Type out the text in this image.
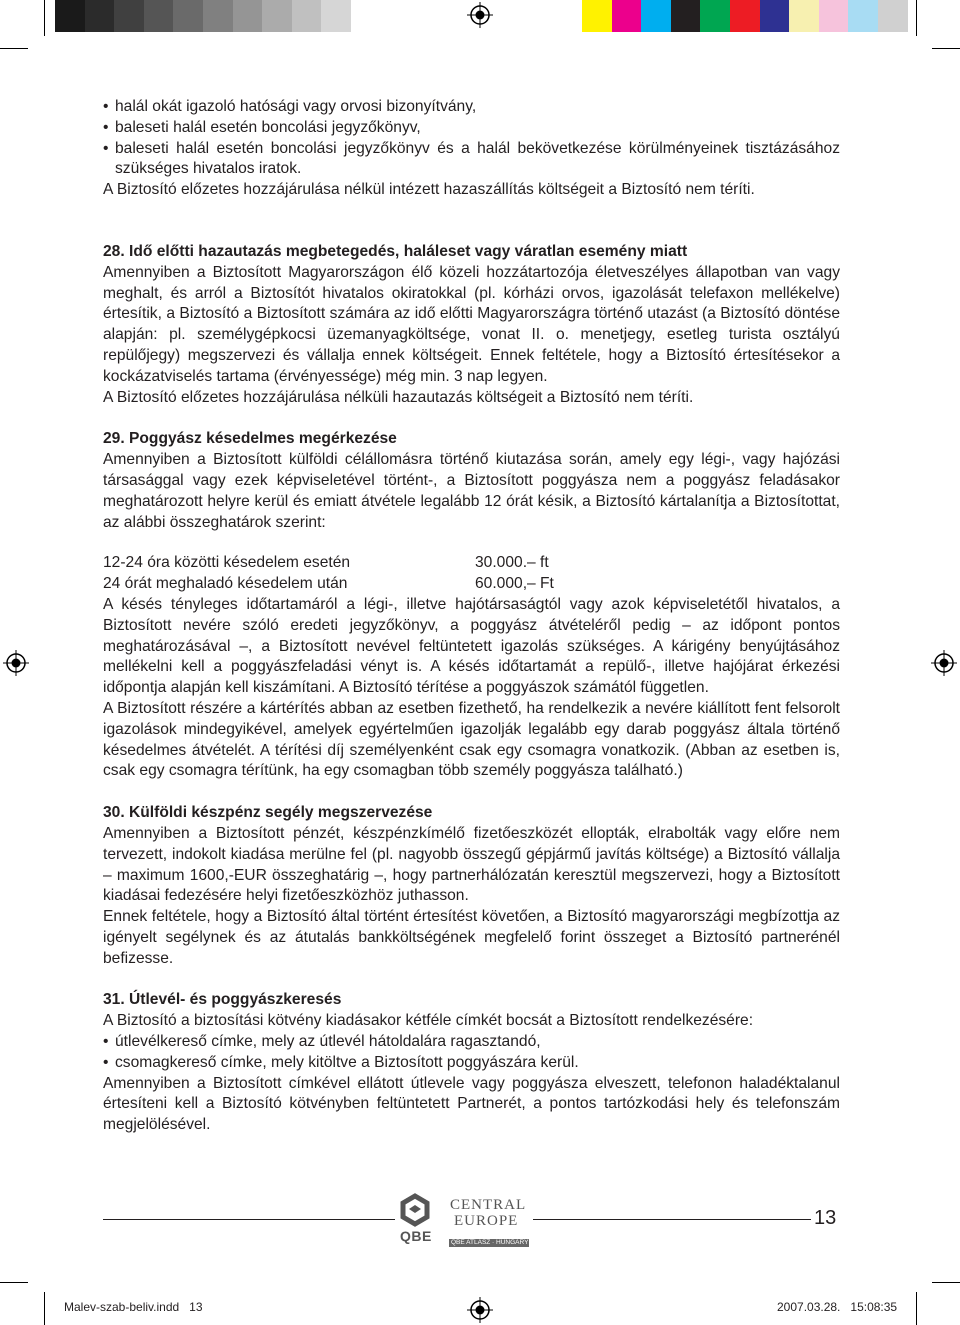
• halál okát igazoló hatósági vagy orvosi bizonyítvány,

• baleseti halál esetén boncolási jegyzőkönyv,

• baleseti halál esetén boncolási jegyzőkönyv és a halál bekövetkezése körülményeinek tisztázásához szükséges hivatalos iratok.

A Biztosító előzetes hozzájárulása nélkül intézett hazaszállítás költségeit a Biztosító nem téríti.

28. Idő előtti hazautazás megbetegedés, haláleset vagy váratlan esemény miatt

Amennyiben a Biztosított Magyarországon élő közeli hozzátartozója életveszélyes állapotban van vagy meghalt, és arról a Biztosítót hivatalos okiratokkal (pl. kórházi orvos, igazolását telefaxon mellékelve) értesítik, a Biztosító a Biztosított számára az idő előtti Magyarországra történő utazást (a Biztosító döntése alapján: pl. személygépkocsi üzemanyagköltsége, vonat II. o. menetjegy, esetleg turista osztályú repülőjegy) megszervezi és vállalja ennek költségeit. Ennek feltétele, hogy a Biztosító értesítésekor a kockázatviselés tartama (érvényessége) még min. 3 nap legyen.

A Biztosító előzetes hozzájárulása nélküli hazautazás költségeit a Biztosító nem téríti.

29. Poggyász késedelmes megérkezése

Amennyiben a Biztosított külföldi célállomásra történő kiutazása során, amely egy légi-, vagy hajózási társasággal vagy ezek képviseletével történt-, a Biztosított poggyásza nem a poggyász feladásakor meghatározott helyre kerül és emiatt átvétele legalább 12 órát késik, a Biztosító kártalanítja a Biztosítottat, az alábbi összeghatárok szerint:

12-24 óra közötti késedelem esetén	30.000.– ft
24 órát meghaladó késedelem után	60.000,– Ft

A késés tényleges időtartamáról a légi-, illetve hajótársaságtól vagy azok képviseletétől hivatalos, a Biztosított nevére szóló eredeti jegyzőkönyv, a poggyász átvételéről pedig – az időpont pontos meghatározásával –, a Biztosított nevével feltüntetett igazolás szükséges. A kárigény benyújtásához mellékelni kell a poggyászfeladási vényt is. A késés időtartamát a repülő-, illetve hajójárat érkezési időpontja alapján kell kiszámítani. A Biztosító térítése a poggyászok számától független.

A Biztosított részére a kártérítés abban az esetben fizethető, ha rendelkezik a nevére kiállított fent felsorolt igazolások mindegyikével, amelyek egyértelműen igazolják legalább egy darab poggyász általa történő késedelmes átvételét. A térítési díj személyenként csak egy csomagra vonatkozik. (Abban az esetben is, csak egy csomagra térítünk, ha egy csomagban több személy poggyásza található.)

30. Külföldi készpénz segély megszervezése

Amennyiben a Biztosított pénzét, készpénzkímélő fizetőeszközét ellopták, elrabolták vagy előre nem tervezett, indokolt kiadása merülne fel (pl. nagyobb összegű gépjármű javítás költsége) a Biztosító vállalja – maximum 1600,-EUR összeghatárig –, hogy partnerhálózatán keresztül megszervezi, hogy a Biztosított kiadásai fedezésére helyi fizetőeszközhöz juthasson.

Ennek feltétele, hogy a Biztosító által történt értesítést követően, a Biztosító magyarországi megbízottja az igényelt segélynek és az átutalás bankköltségének megfelelő forint összeget a Biztosító partnerénél befizesse.

31. Útlevél- és poggyászkeresés

A Biztosító a biztosítási kötvény kiadásakor kétféle címkét bocsát a Biztosított rendelkezésére:

• útlevélkereső címke, mely az útlevél hátoldalára ragasztandó,

• csomagkereső címke, mely kitöltve a Biztosított poggyászára kerül.

Amennyiben a Biztosított címkével ellátott útlevele vagy poggyásza elveszett, telefonon haladéktalanul értesíteni kell a Biztosító kötvényben feltüntetett Partnerét, a pontos tartózkodási hely és telefonszám megjelölésével.

QBE
CENTRAL
EUROPE
QBE ATLASZ · HUNGARY
13
Malev-szab-beliv.indd   13	2007.03.28.   15:08:35
